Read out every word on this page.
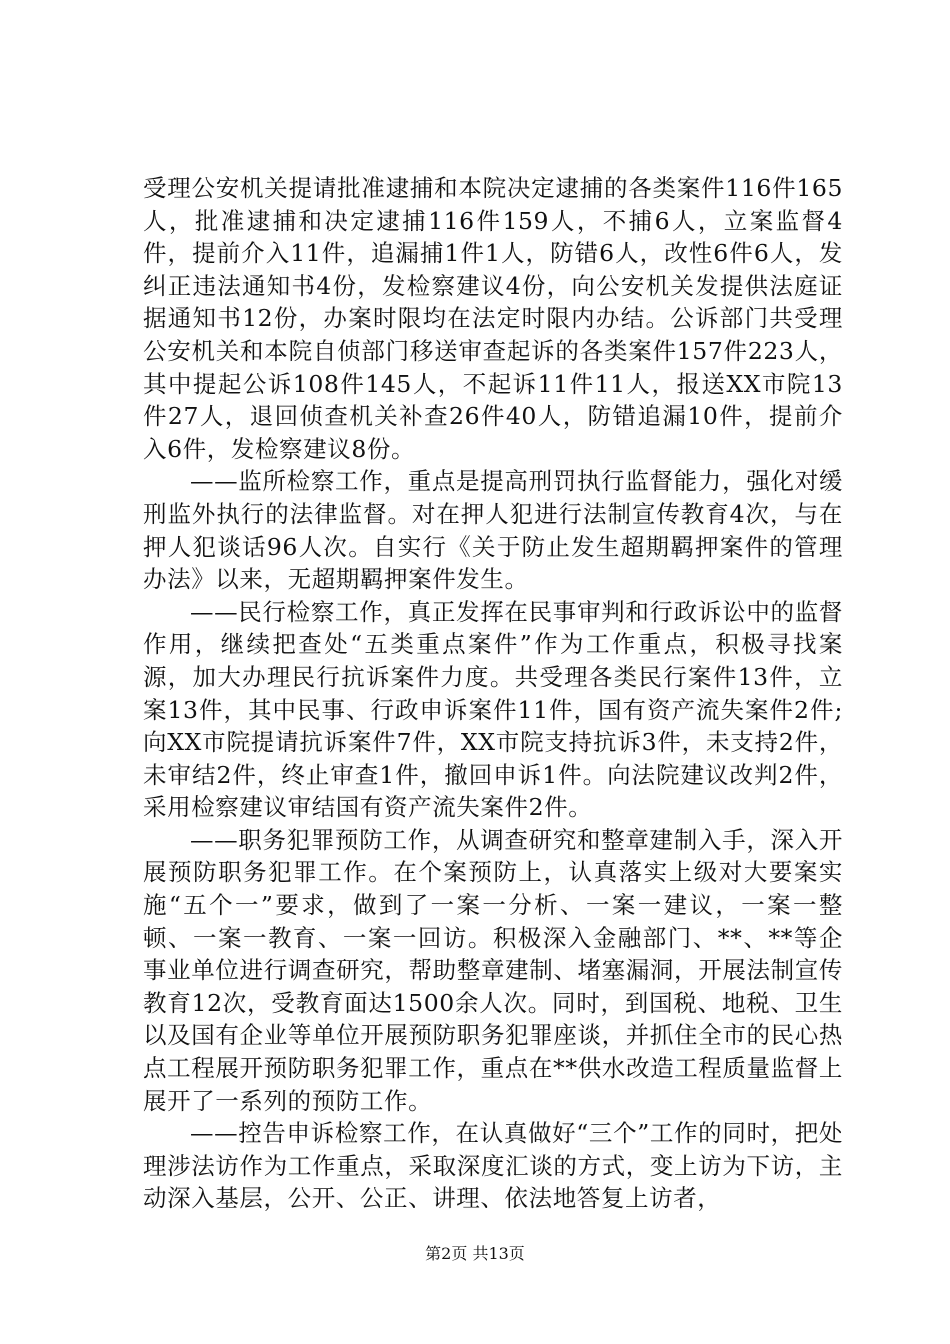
受理公安机关提请批准逮捕和本院决定逮捕的各类案件116件165人，批准逮捕和决定逮捕116件159人，不捕6人，立案监督4件，提前介入11件，追漏捕1件1人，防错6人，改性6件6人，发纠正违法通知书4份，发检察建议4份，向公安机关发提供法庭证据通知书12份，办案时限均在法定时限内办结。公诉部门共受理公安机关和本院自侦部门移送审查起诉的各类案件157件223人，其中提起公诉108件145人，不起诉11件11人，报送XX市院13件27人，退回侦查机关补查26件40人，防错追漏10件，提前介入6件，发检察建议8份。

——监所检察工作，重点是提高刑罚执行监督能力，强化对缓刑监外执行的法律监督。对在押人犯进行法制宣传教育4次，与在押人犯谈话96人次。自实行《关于防止发生超期羁押案件的管理办法》以来，无超期羁押案件发生。

——民行检察工作，真正发挥在民事审判和行政诉讼中的监督作用，继续把查处“五类重点案件”作为工作重点，积极寻找案源，加大办理民行抗诉案件力度。共受理各类民行案件13件，立案13件，其中民事、行政申诉案件11件，国有资产流失案件2件;向XX市院提请抗诉案件7件，XX市院支持抗诉3件，未支持2件，未审结2件，终止审查1件，撤回申诉1件。向法院建议改判2件，采用检察建议审结国有资产流失案件2件。

——职务犯罪预防工作，从调查研究和整章建制入手，深入开展预防职务犯罪工作。在个案预防上，认真落实上级对大要案实施“五个一”要求，做到了一案一分析、一案一建议，一案一整顿、一案一教育、一案一回访。积极深入金融部门、**、**等企事业单位进行调查研究，帮助整章建制、堵塞漏洞，开展法制宣传教育12次，受教育面达1500余人次。同时，到国税、地税、卫生以及国有企业等单位开展预防职务犯罪座谈，并抓住全市的民心热点工程展开预防职务犯罪工作，重点在**供水改造工程质量监督上展开了一系列的预防工作。

——控告申诉检察工作，在认真做好“三个”工作的同时，把处理涉法访作为工作重点，采取深度汇谈的方式，变上访为下访，主动深入基层，公开、公正、讲理、依法地答复上访者，

第2页 共13页
